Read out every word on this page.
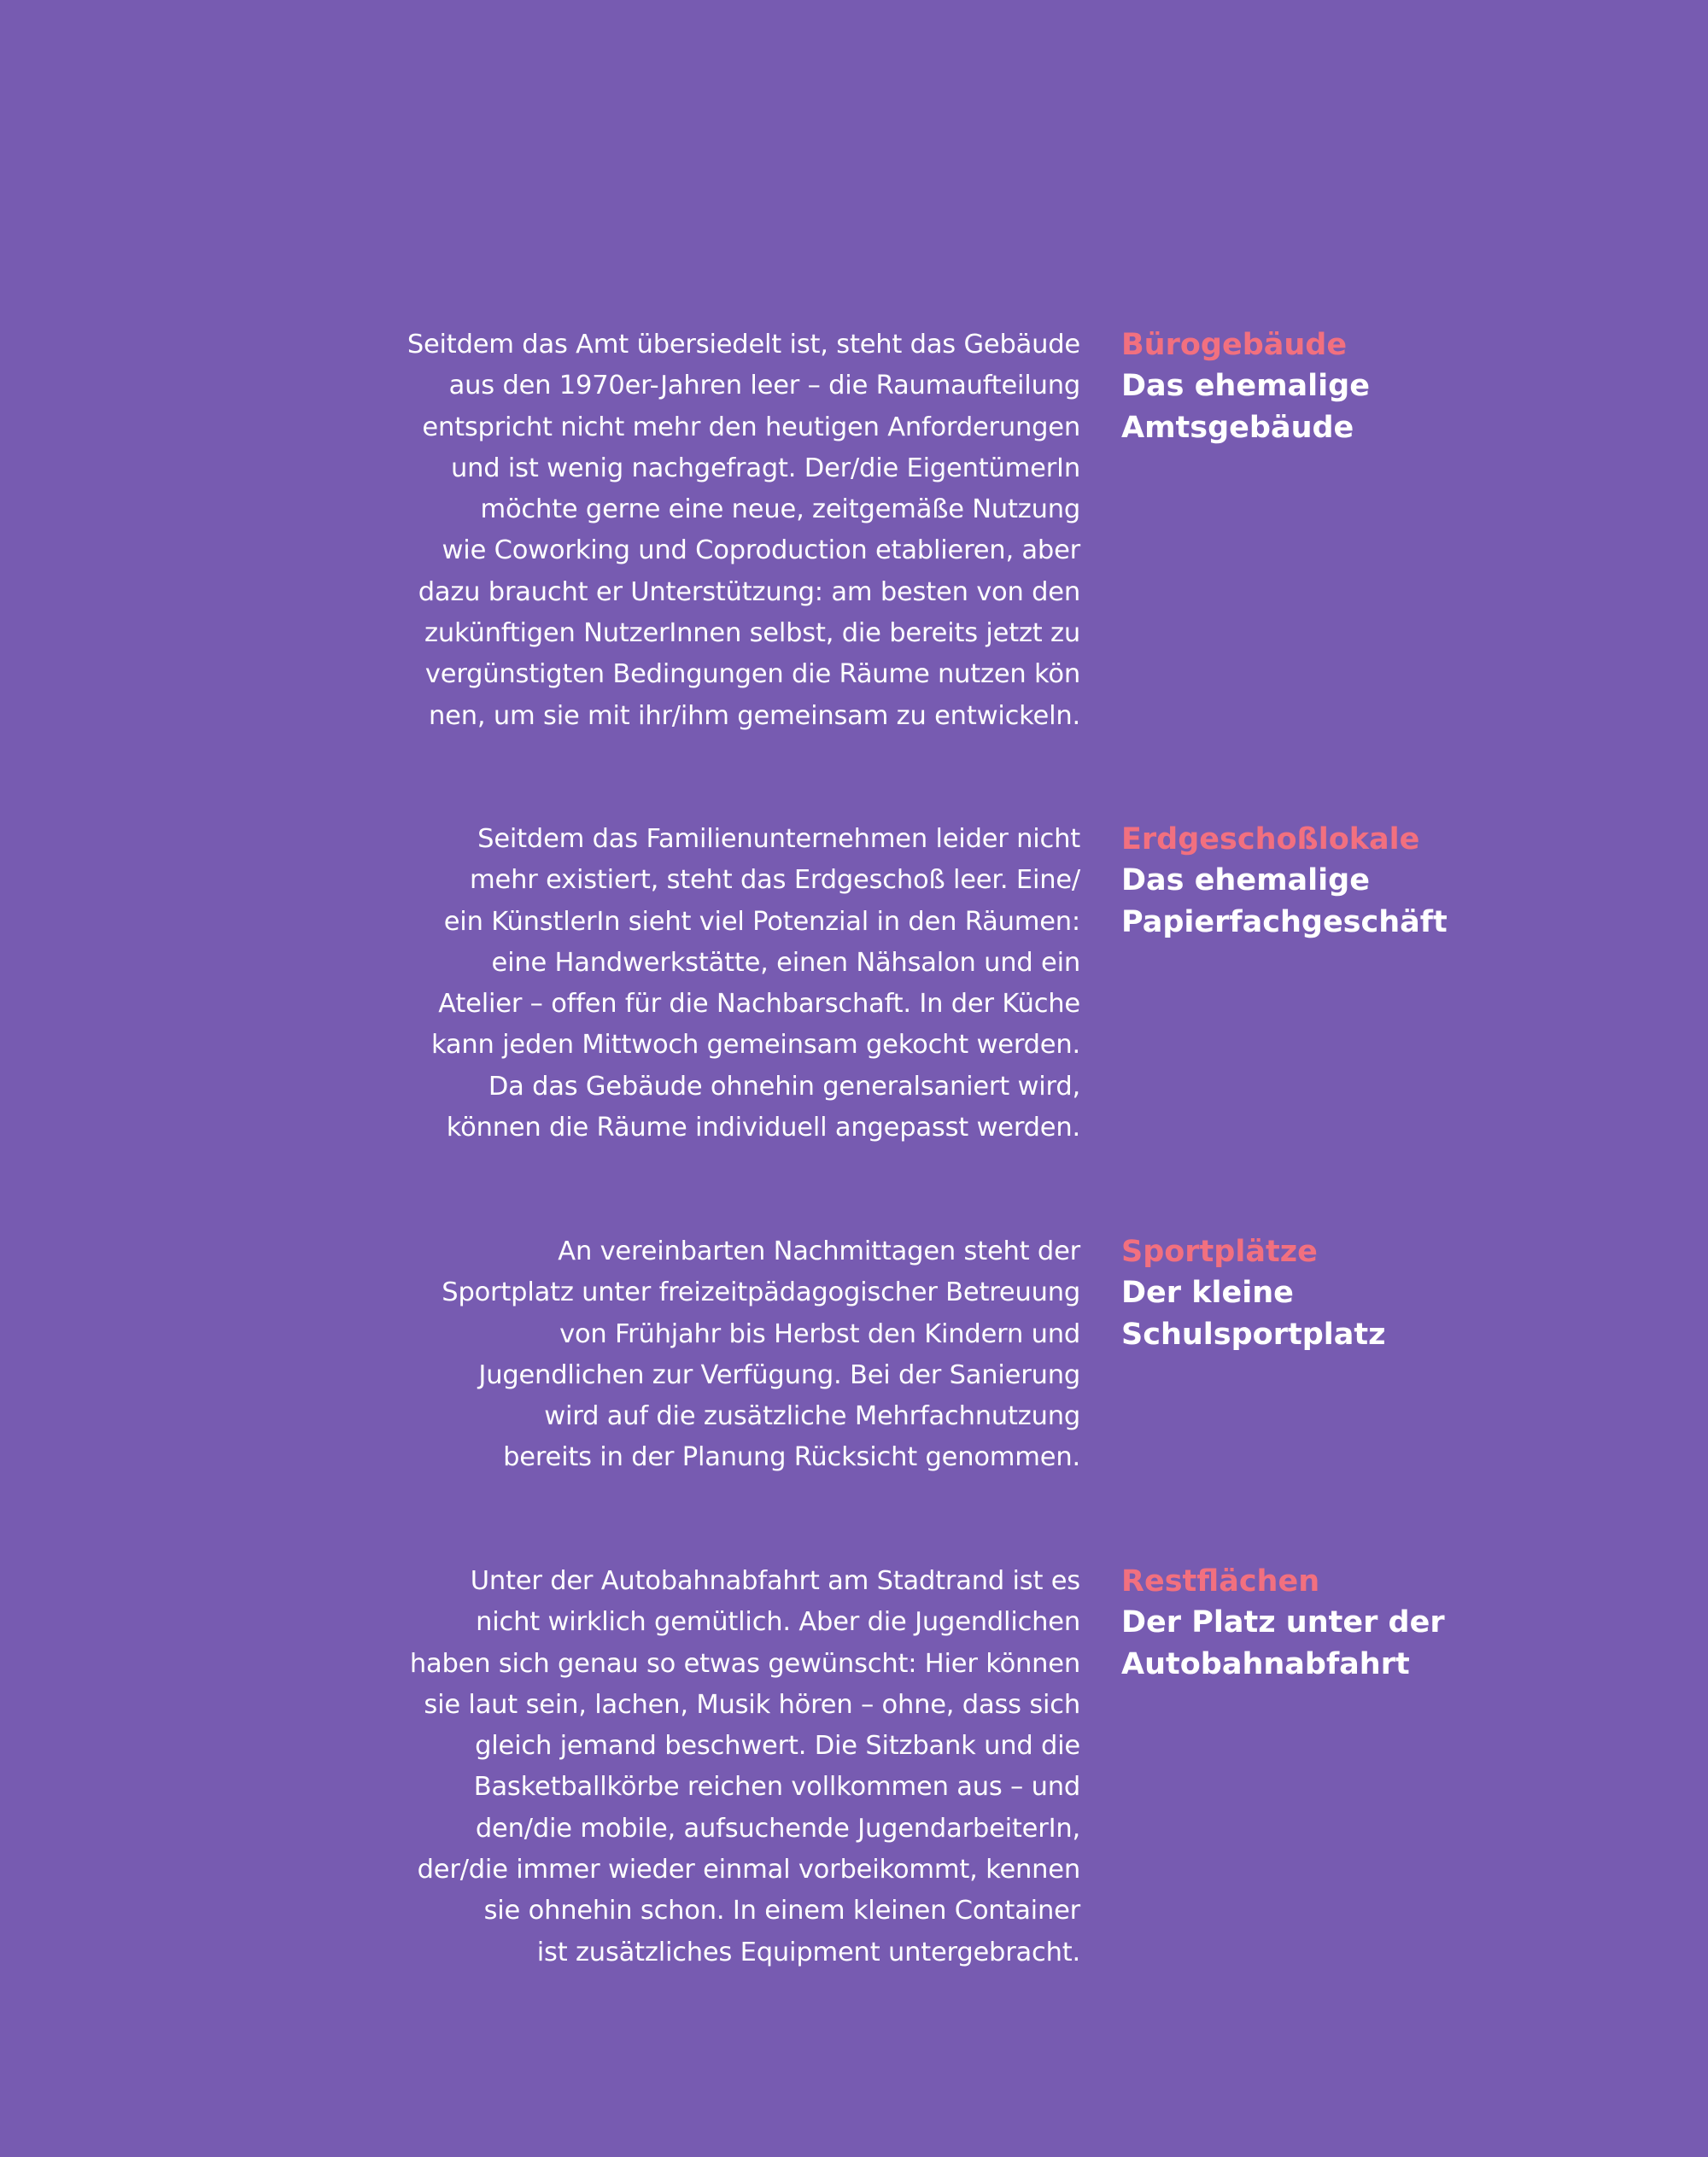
Seitdem das Amt übersiedelt ist, steht das Gebäude
aus den 1970er-Jahren leer – die Raumaufteilung
entspricht nicht mehr den heutigen Anforderungen
und ist wenig nachgefragt. Der/die EigentümerIn
möchte gerne eine neue, zeitgemäße Nutzung
wie Coworking und Coproduction etablieren, aber
dazu braucht er Unterstützung: am besten von den
zukünftigen NutzerInnen selbst, die bereits jetzt zu
vergünstigten Bedingungen die Räume nutzen kön
nen, um sie mit ihr/ihm gemeinsam zu entwickeln.
Bürogebäude
Das ehemalige
Amtsgebäude
Seitdem das Familienunternehmen leider nicht
mehr existiert, steht das Erdgeschoß leer. Eine/
ein KünstlerIn sieht viel Potenzial in den Räumen:
eine Handwerkstätte, einen Nähsalon und ein
Atelier – offen für die Nachbarschaft. In der Küche
kann jeden Mittwoch gemeinsam gekocht werden.
Da das Gebäude ohnehin generalsaniert wird,
können die Räume individuell angepasst werden.
Erdgeschoßlokale
Das ehemalige
Papierfachgeschäft
An vereinbarten Nachmittagen steht der
Sportplatz unter freizeitpädagogischer Betreuung
von Frühjahr bis Herbst den Kindern und
Jugendlichen zur Verfügung. Bei der Sanierung
wird auf die zusätzliche Mehrfachnutzung
bereits in der Planung Rücksicht genommen.
Sportplätze
Der kleine
Schulsportplatz
Unter der Autobahnabfahrt am Stadtrand ist es
nicht wirklich gemütlich. Aber die Jugendlichen
haben sich genau so etwas gewünscht: Hier können
sie laut sein, lachen, Musik hören – ohne, dass sich
gleich jemand beschwert. Die Sitzbank und die
Basketballkörbe reichen vollkommen aus – und
den/die mobile, aufsuchende JugendarbeiterIn,
der/die immer wieder einmal vorbeikommt, kennen
sie ohnehin schon. In einem kleinen Container
ist zusätzliches Equipment untergebracht.
Restflächen
Der Platz unter der
Autobahnabfahrt
